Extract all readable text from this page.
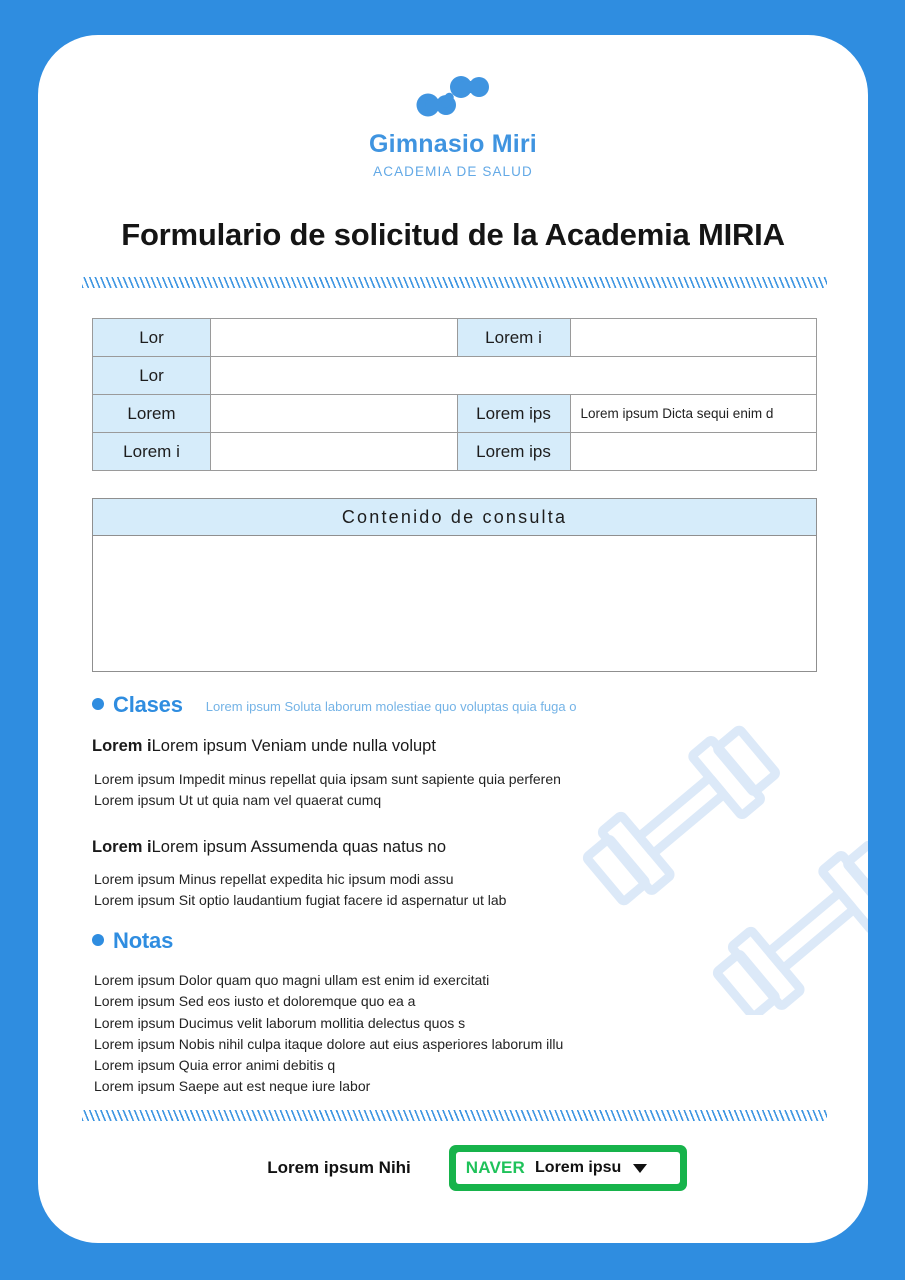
Gimnasio Miri
ACADEMIA DE SALUD
Formulario de solicitud de la Academia MIRIA
Lor		Lorem i	
Lor			
Lorem		Lorem ips	Lorem ipsum Dicta sequi enim d
Lorem i		Lorem ips	
Contenido de consulta
Clases Lorem ipsum Soluta laborum molestiae quo voluptas quia fuga o
Lorem iLorem ipsum Veniam unde nulla volupt
Lorem ipsum Impedit minus repellat quia ipsam sunt sapiente quia perferen
Lorem ipsum Ut ut quia nam vel quaerat cumq
Lorem iLorem ipsum Assumenda quas natus no
Lorem ipsum Minus repellat expedita hic ipsum modi assu
Lorem ipsum Sit optio laudantium fugiat facere id aspernatur ut lab
Notas
Lorem ipsum Dolor quam quo magni ullam est enim id exercitati
Lorem ipsum Sed eos iusto et doloremque quo ea a
Lorem ipsum Ducimus velit laborum mollitia delectus quos s
Lorem ipsum Nobis nihil culpa itaque dolore aut eius asperiores laborum illu
Lorem ipsum Quia error animi debitis q
Lorem ipsum Saepe aut est neque iure labor
Lorem ipsum Nihi	NAVER Lorem ipsu
